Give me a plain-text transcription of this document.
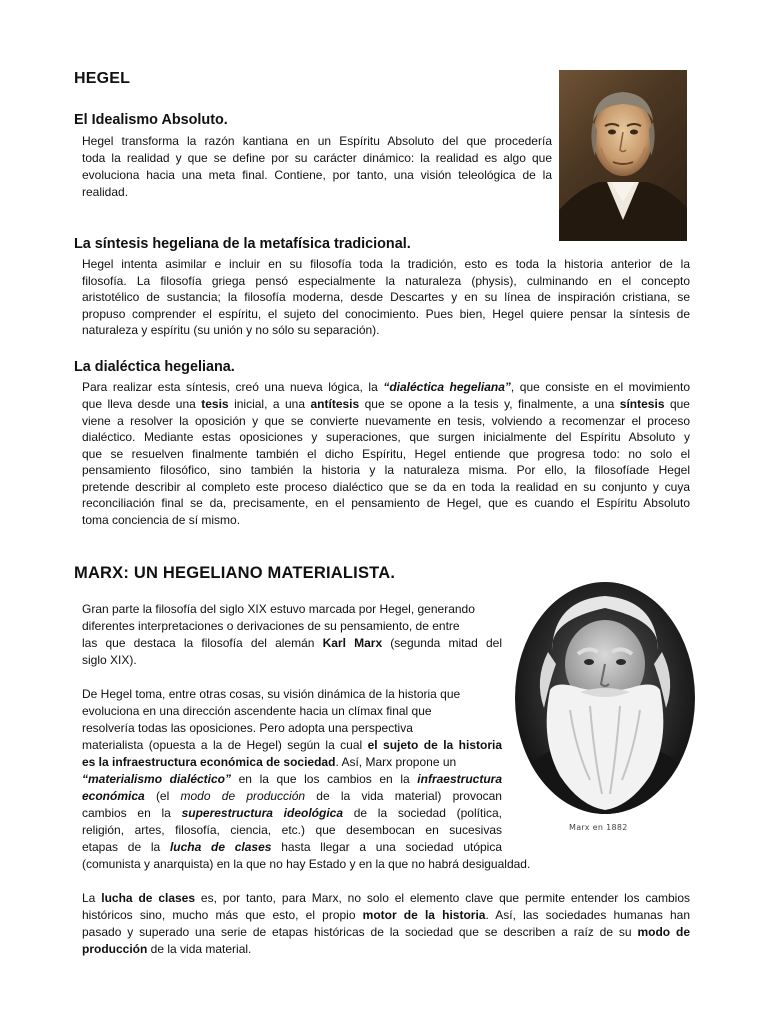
HEGEL
El Idealismo Absoluto.

Hegel transforma la razón kantiana en un Espíritu Absoluto del que procedería

toda la realidad y que se define por su carácter dinámico: la realidad es algo que

evoluciona hacia una meta final. Contiene, por tanto, una visión teleológica de la

realidad.

La síntesis hegeliana de la metafísica tradicional.

Hegel intenta asimilar e incluir en su filosofía toda la tradición, esto es toda la historia anterior de la

filosofía. La filosofía griega pensó especialmente la naturaleza (physis), culminando en el concepto

aristotélico de sustancia; la filosofía moderna, desde Descartes y en su línea de inspiración cristiana, se

propuso comprender el espíritu, el sujeto del conocimiento. Pues bien, Hegel quiere pensar la síntesis de

naturaleza y espíritu (su unión y no sólo su separación).

La dialéctica hegeliana.

Para realizar esta síntesis, creó una nueva lógica, la “dialéctica hegeliana”, que consiste en el movimiento

que lleva desde una tesis inicial, a una antítesis que se opone a la tesis y, finalmente, a una síntesis que

viene a resolver la oposición y que se convierte nuevamente en tesis, volviendo a recomenzar el proceso

dialéctico. Mediante estas oposiciones y superaciones, que surgen inicialmente del Espíritu Absoluto y

que se resuelven finalmente también el dicho Espíritu, Hegel entiende que progresa todo: no solo el

pensamiento filosófico, sino también la historia y la naturaleza misma. Por ello, la filosofíade Hegel

pretende describir al completo este proceso dialéctico que se da en toda la realidad en su conjunto y cuya

reconciliación final se da, precisamente, en el pensamiento de Hegel, que es cuando el Espíritu Absoluto

toma conciencia de sí mismo.

MARX: UN HEGELIANO MATERIALISTA.
Marx en 1882

Gran parte la filosofía del siglo XIX estuvo marcada por Hegel, generando

diferentes interpretaciones o derivaciones de su pensamiento, de entre

las que destaca la filosofía del alemán Karl Marx (segunda mitad del

siglo XIX).

De Hegel toma, entre otras cosas, su visión dinámica de la historia que

evoluciona en una dirección ascendente hacia un clímax final que

resolvería todas las oposiciones. Pero adopta una perspectiva

materialista (opuesta a la de Hegel) según la cual el sujeto de la historia

es la infraestructura económica de sociedad. Así, Marx propone un

“materialismo dialéctico” en la que los cambios en la infraestructura

económica (el modo de producción de la vida material) provocan

cambios en la superestructura ideológica de la sociedad (política,

religión, artes, filosofía, ciencia, etc.) que desembocan en sucesivas

etapas de la lucha de clases hasta llegar a una sociedad utópica

(comunista y anarquista) en la que no hay Estado y en la que no habrá desigualdad.

La lucha de clases es, por tanto, para Marx, no solo el elemento clave que permite entender los cambios

históricos sino, mucho más que esto, el propio motor de la historia. Así, las sociedades humanas han

pasado y superado una serie de etapas históricas de la sociedad que se describen a raíz de su modo de

producción de la vida material.
